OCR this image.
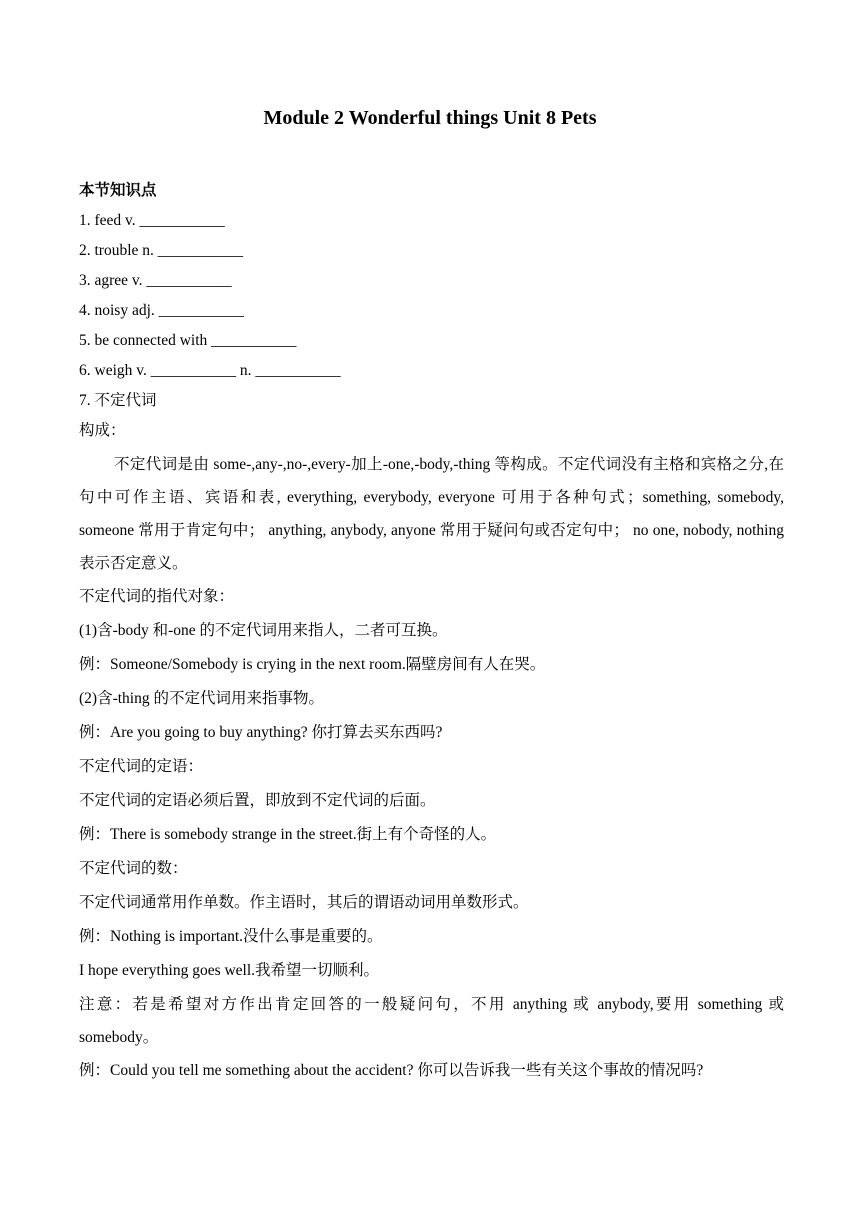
Module 2 Wonderful things Unit 8 Pets
本节知识点
1. feed v. ___________
2. trouble n. ___________
3. agree v. ___________
4. noisy adj. ___________
5. be connected with ___________
6. weigh v. ___________ n. ___________
7. 不定代词
构成：

不定代词是由 some-,any-,no-,every-加上-one,-body,-thing 等构成。不定代词没有主格和宾格之分,在句中可作主语、宾语和表, everything, everybody, everyone 可用于各种句式；something, somebody, someone 常用于肯定句中； anything, anybody, anyone 常用于疑问句或否定句中； no one, nobody, nothing 表示否定意义。

不定代词的指代对象：
(1)含-body 和-one 的不定代词用来指人，二者可互换。
例：Someone/Somebody is crying in the next room.隔壁房间有人在哭。
(2)含-thing 的不定代词用来指事物。
例：Are you going to buy anything? 你打算去买东西吗?
不定代词的定语：
不定代词的定语必须后置，即放到不定代词的后面。
例：There is somebody strange in the street.街上有个奇怪的人。
不定代词的数：
不定代词通常用作单数。作主语时，其后的谓语动词用单数形式。
例：Nothing is important.没什么事是重要的。
I hope everything goes well.我希望一切顺利。
注意：若是希望对方作出肯定回答的一般疑问句，不用 anything 或 anybody,要用 something 或 somebody。
例：Could you tell me something about the accident? 你可以告诉我一些有关这个事故的情况吗?
